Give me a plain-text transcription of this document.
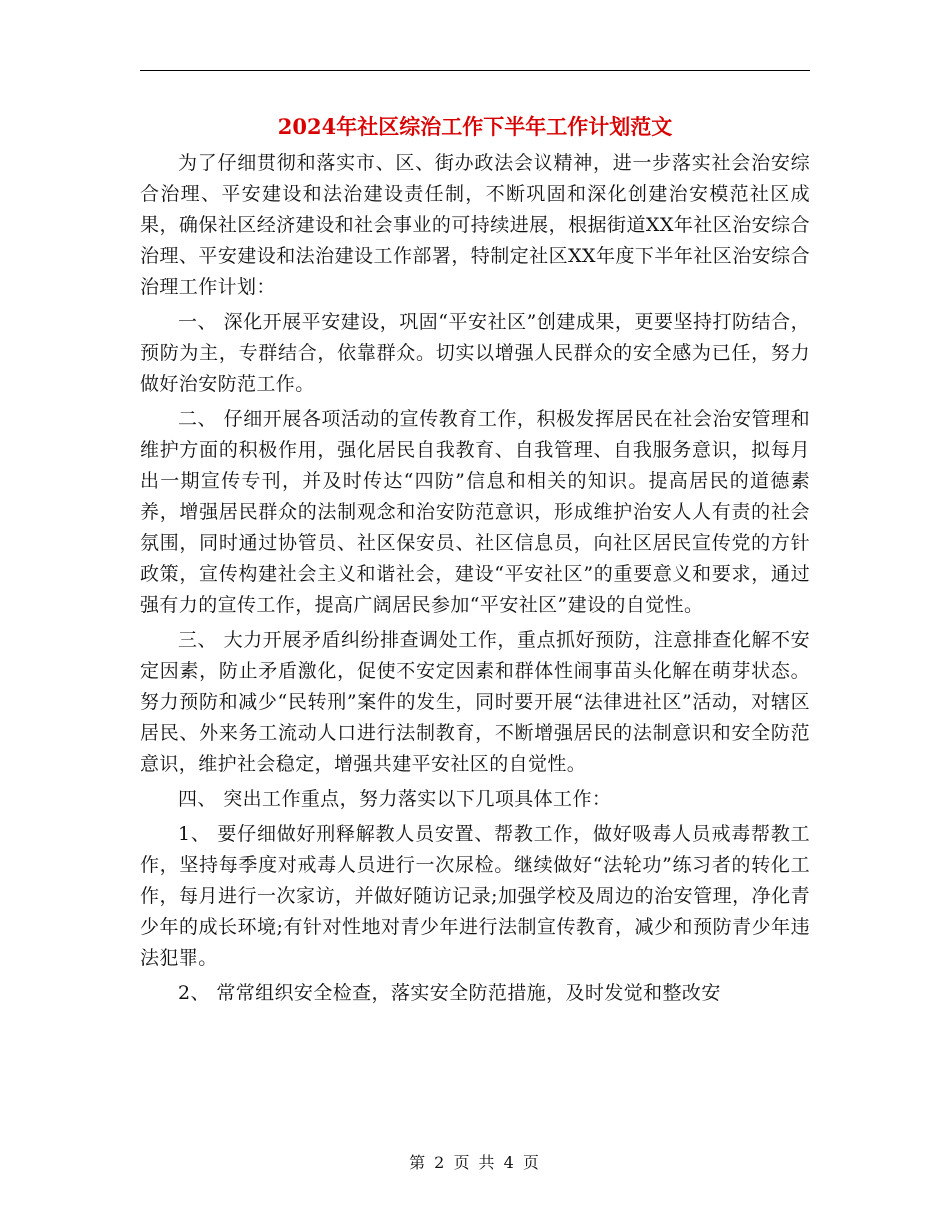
2024年社区综治工作下半年工作计划范文

为了仔细贯彻和落实市、区、街办政法会议精神，进一步落实社会治安综合治理、平安建设和法治建设责任制，不断巩固和深化创建治安模范社区成果，确保社区经济建设和社会事业的可持续进展，根据街道XX年社区治安综合治理、平安建设和法治建设工作部署，特制定社区XX年度下半年社区治安综合治理工作计划：

一、 深化开展平安建设，巩固“平安社区”创建成果，更要坚持打防结合，预防为主，专群结合，依靠群众。切实以增强人民群众的安全感为已任，努力做好治安防范工作。

二、 仔细开展各项活动的宣传教育工作，积极发挥居民在社会治安管理和维护方面的积极作用，强化居民自我教育、自我管理、自我服务意识，拟每月出一期宣传专刊，并及时传达“四防”信息和相关的知识。提高居民的道德素养，增强居民群众的法制观念和治安防范意识，形成维护治安人人有责的社会氛围，同时通过协管员、社区保安员、社区信息员，向社区居民宣传党的方针政策，宣传构建社会主义和谐社会，建设“平安社区”的重要意义和要求，通过强有力的宣传工作，提高广阔居民参加“平安社区”建设的自觉性。

三、 大力开展矛盾纠纷排查调处工作，重点抓好预防，注意排查化解不安定因素，防止矛盾激化，促使不安定因素和群体性闹事苗头化解在萌芽状态。努力预防和减少“民转刑”案件的发生，同时要开展“法律进社区”活动，对辖区居民、外来务工流动人口进行法制教育，不断增强居民的法制意识和安全防范意识，维护社会稳定，增强共建平安社区的自觉性。

四、 突出工作重点，努力落实以下几项具体工作：

1、 要仔细做好刑释解教人员安置、帮教工作，做好吸毒人员戒毒帮教工作，坚持每季度对戒毒人员进行一次尿检。继续做好“法轮功”练习者的转化工作，每月进行一次家访，并做好随访记录;加强学校及周边的治安管理，净化青少年的成长环境;有针对性地对青少年进行法制宣传教育，减少和预防青少年违法犯罪。

2、 常常组织安全检查，落实安全防范措施，及时发觉和整改安

第 2 页 共 4 页
